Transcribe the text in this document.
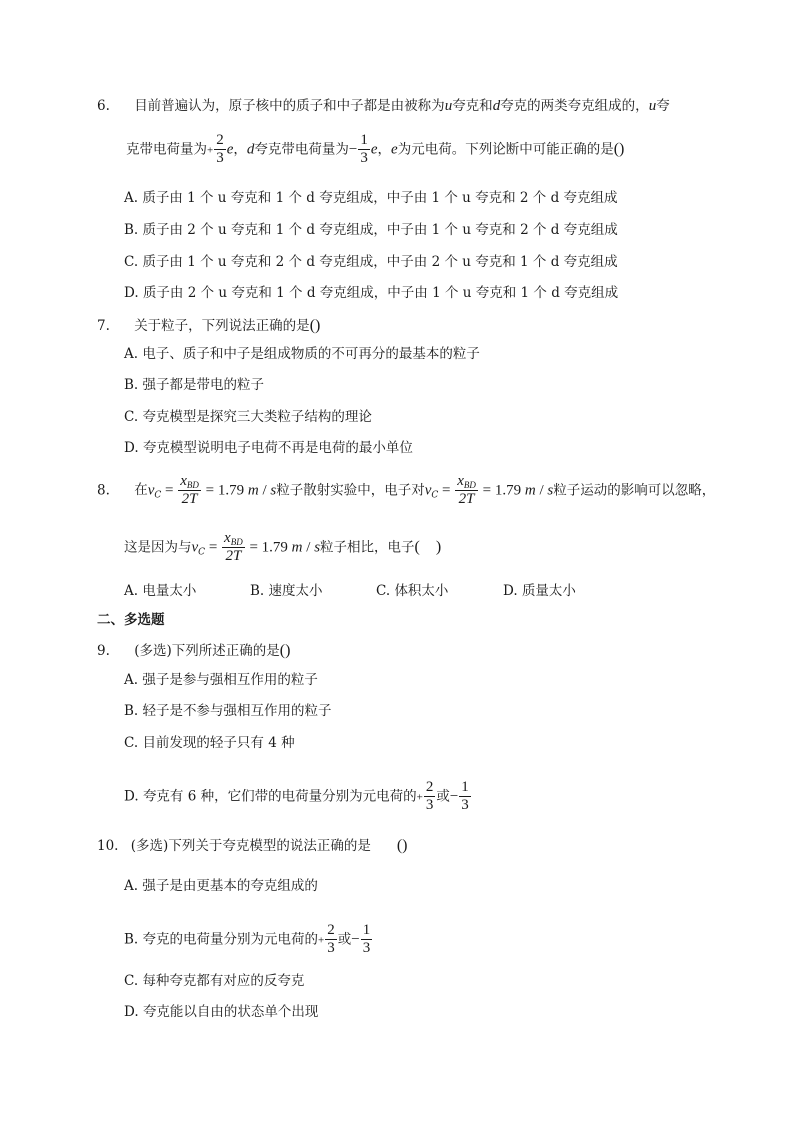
6. 目前普遍认为，原子核中的质子和中子都是由被称为u夸克和d夸克的两类夸克组成的，u夸
克带电荷量为+ $\frac{2}{3}$ e，d夸克带电荷量为− $\frac{1}{3}$ e，e为元电荷。下列论断中可能正确的是()
A. 质子由 1 个 u 夸克和 1 个 d 夸克组成，中子由 1 个 u 夸克和 2 个 d 夸克组成
B. 质子由 2 个 u 夸克和 1 个 d 夸克组成，中子由 1 个 u 夸克和 2 个 d 夸克组成
C. 质子由 1 个 u 夸克和 2 个 d 夸克组成，中子由 2 个 u 夸克和 1 个 d 夸克组成
D. 质子由 2 个 u 夸克和 1 个 d 夸克组成，中子由 1 个 u 夸克和 1 个 d 夸克组成
7. 关于粒子，下列说法正确的是()
A. 电子、质子和中子是组成物质的不可再分的最基本的粒子
B. 强子都是带电的粒子
C. 夸克模型是探究三大类粒子结构的理论
D. 夸克模型说明电子电荷不再是电荷的最小单位
8. 在$v_C = \frac{x_{BD}}{2T} = 1.79$ m / s粒子散射实验中，电子对$v_C = \frac{x_{BD}}{2T} = 1.79$ m / s粒子运动的影响可以忽略，
这是因为与$v_C = \frac{x_{BD}}{2T} = 1.79$ m / s粒子相比，电子(    )
A. 电量太小	B. 速度太小	C. 体积太小	D. 质量太小
二、多选题
9. (多选)下列所述正确的是()
A. 强子是参与强相互作用的粒子
B. 轻子是不参与强相互作用的粒子
C. 目前发现的轻子只有 4 种
D. 夸克有 6 种，它们带的电荷量分别为元电荷的+ $\frac{2}{3}$ 或− $\frac{1}{3}$
10. (多选)下列关于夸克模型的说法正确的是 ()
A. 强子是由更基本的夸克组成的
B. 夸克的电荷量分别为元电荷的+ $\frac{2}{3}$ 或− $\frac{1}{3}$
C. 每种夸克都有对应的反夸克
D. 夸克能以自由的状态单个出现
